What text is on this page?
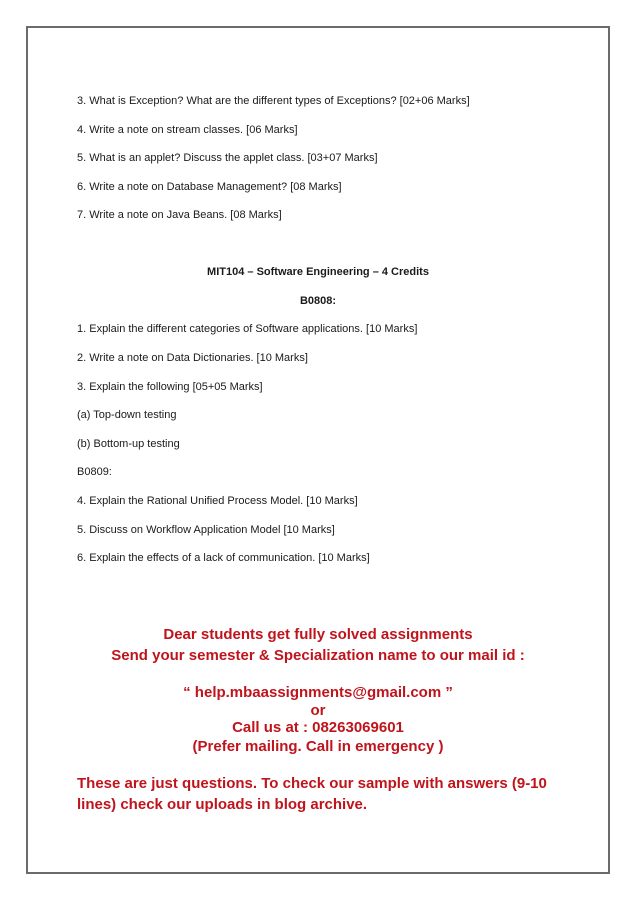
3. What is Exception? What are the different types of Exceptions? [02+06 Marks]
4. Write a note on stream classes. [06 Marks]
5. What is an applet? Discuss the applet class. [03+07 Marks]
6. Write a note on Database Management? [08 Marks]
7. Write a note on Java Beans. [08 Marks]
MIT104 – Software Engineering – 4 Credits
B0808:
1. Explain the different categories of Software applications. [10 Marks]
2. Write a note on Data Dictionaries. [10 Marks]
3. Explain the following [05+05 Marks]
(a) Top-down testing
(b) Bottom-up testing
B0809:
4. Explain the Rational Unified Process Model. [10 Marks]
5. Discuss on Workflow Application Model [10 Marks]
6. Explain the effects of a lack of communication. [10 Marks]
Dear students get fully solved assignments
Send your semester & Specialization name to our mail id :
“ help.mbaassignments@gmail.com ”
or
Call us at : 08263069601
(Prefer mailing. Call in emergency )
These are just questions. To check our sample with answers (9-10 lines) check our uploads in blog archive.
